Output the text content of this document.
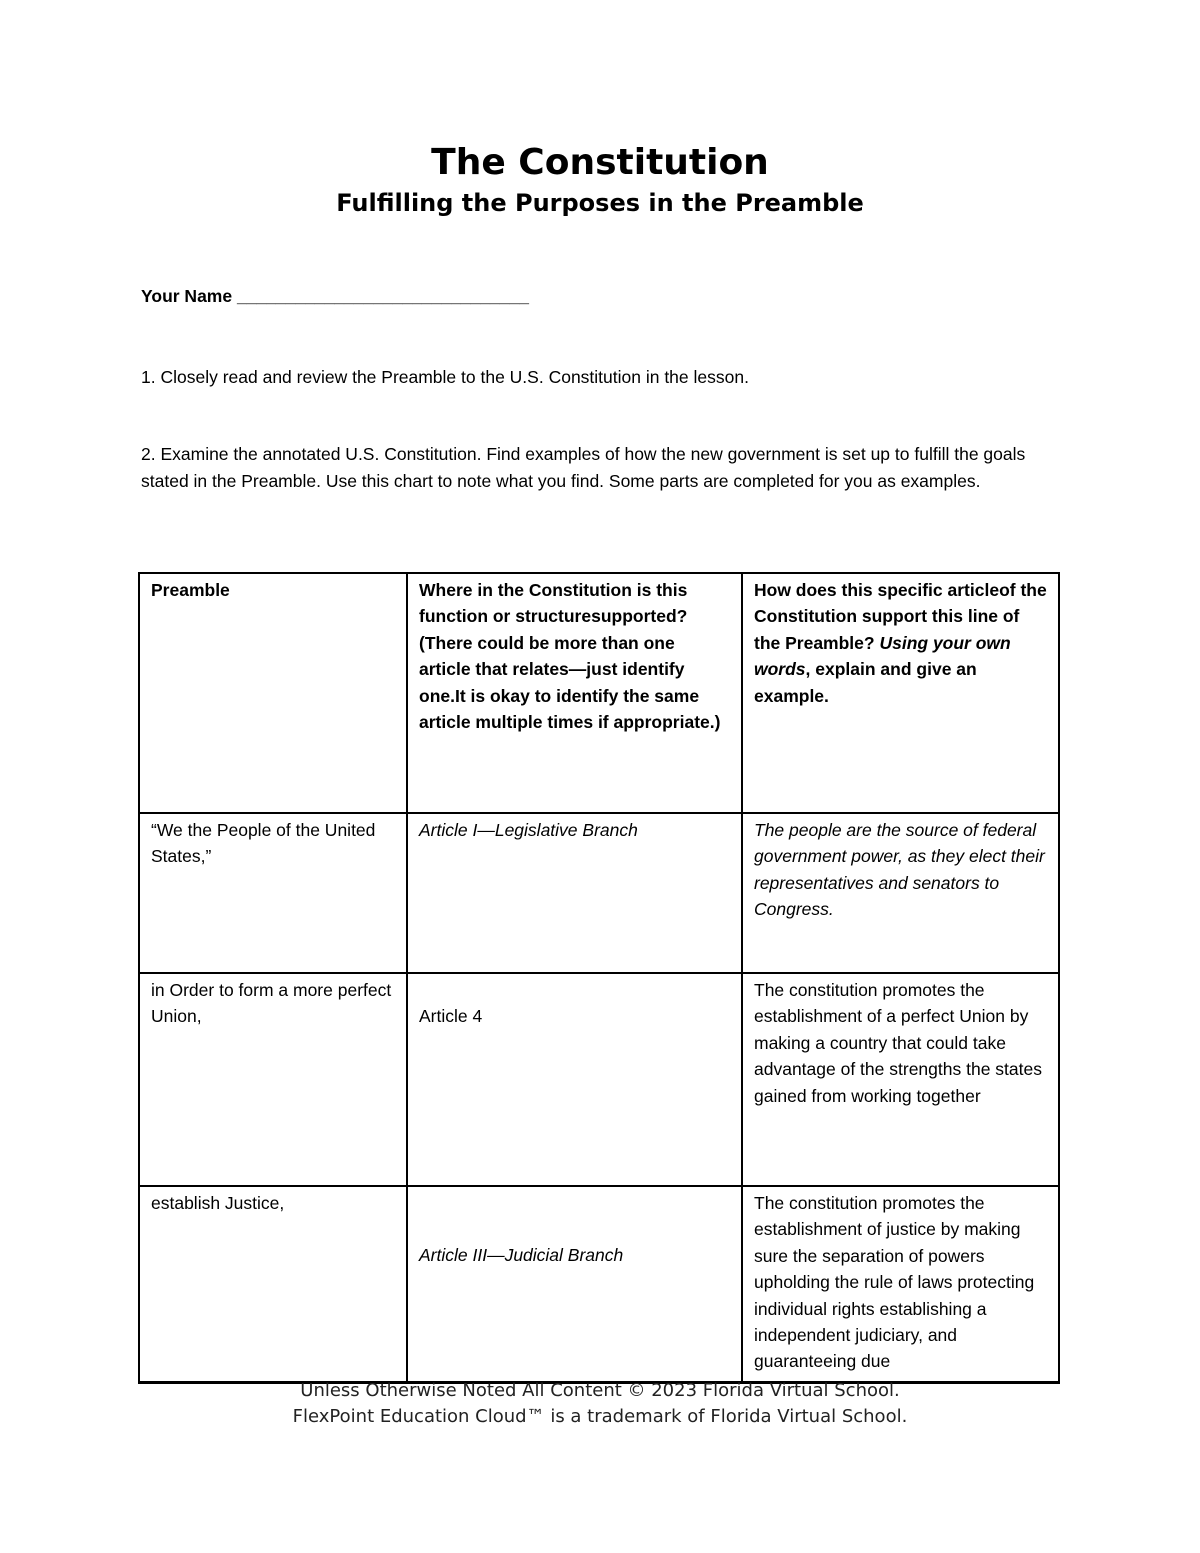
The Constitution
Fulfilling the Purposes in the Preamble
Your Name ______________________________
1. Closely read and review the Preamble to the U.S. Constitution in the lesson.
2. Examine the annotated U.S. Constitution. Find examples of how the new government is set up to fulfill the goals stated in the Preamble. Use this chart to note what you find. Some parts are completed for you as examples.
Preamble	Where in the Constitution is this function or structuresupported? (There could be more than one article that relates—just identify one.It is okay to identify the same article multiple times if appropriate.)	How does this specific articleof the Constitution support this line of the Preamble? Using your own words, explain and give an example.
“We the People of the United States,”	Article I—Legislative Branch	The people are the source of federal government power, as they elect their representatives and senators to Congress.
in Order to form a more perfect Union,	Article 4	The constitution promotes the establishment of a perfect Union by making a country that could take advantage of the strengths the states gained from working together
establish Justice,	Article III—Judicial Branch	The constitution promotes the establishment of justice by making sure the separation of powers upholding the rule of laws protecting individual rights establishing a independent judiciary, and guaranteeing due
Unless Otherwise Noted All Content © 2023 Florida Virtual School.
FlexPoint Education Cloud™ is a trademark of Florida Virtual School.
